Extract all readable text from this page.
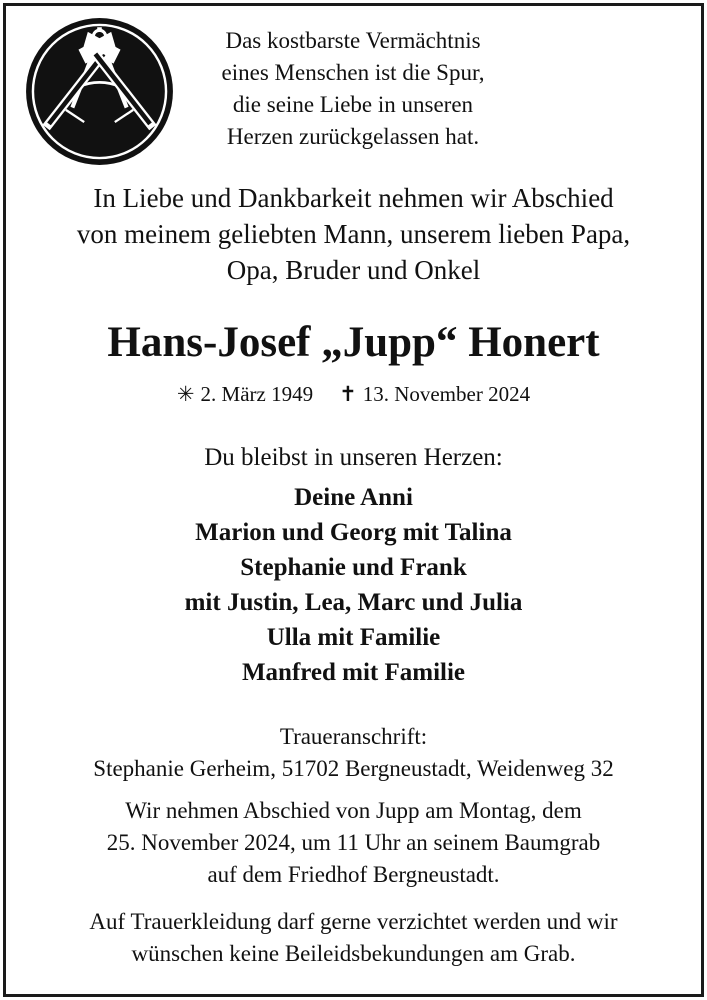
Das kostbarste Vermächtnis
eines Menschen ist die Spur,
die seine Liebe in unseren
Herzen zurückgelassen hat.
In Liebe und Dankbarkeit nehmen wir Abschied
von meinem geliebten Mann, unserem lieben Papa,
Opa, Bruder und Onkel
Hans-Josef „Jupp“ Honert
✳ 2. März 1949 ✝ 13. November 2024
Du bleibst in unseren Herzen:
Deine Anni
Marion und Georg mit Talina
Stephanie und Frank
mit Justin, Lea, Marc und Julia
Ulla mit Familie
Manfred mit Familie
Traueranschrift:
Stephanie Gerheim, 51702 Bergneustadt, Weidenweg 32
Wir nehmen Abschied von Jupp am Montag, dem
25. November 2024, um 11 Uhr an seinem Baumgrab
auf dem Friedhof Bergneustadt.
Auf Trauerkleidung darf gerne verzichtet werden und wir
wünschen keine Beileidsbekundungen am Grab.
